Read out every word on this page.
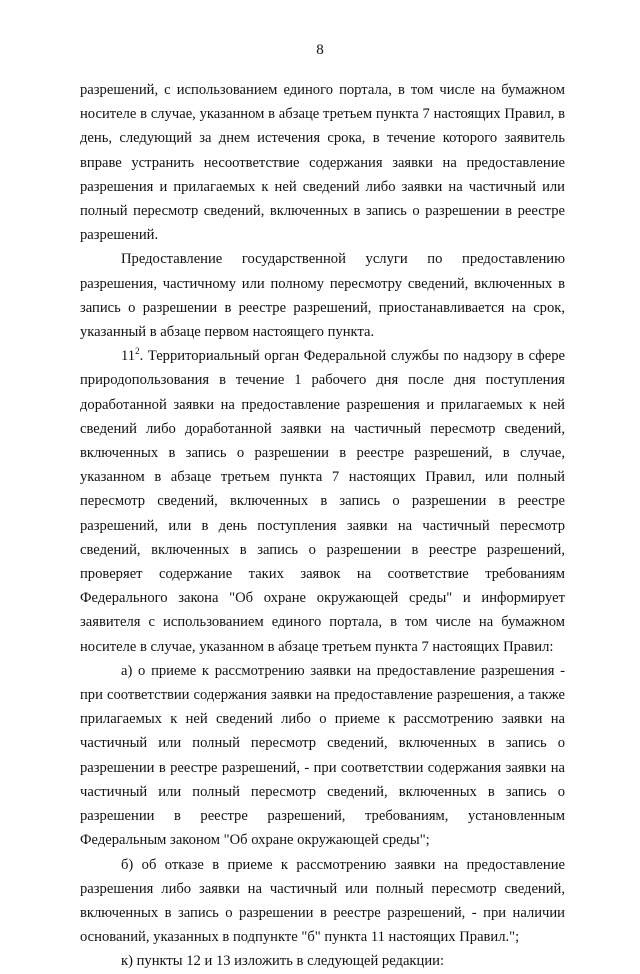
8

разрешений, с использованием единого портала, в том числе на бумажном носителе в случае, указанном в абзаце третьем пункта 7 настоящих Правил, в день, следующий за днем истечения срока, в течение которого заявитель вправе устранить несоответствие содержания заявки на предоставление разрешения и прилагаемых к ней сведений либо заявки на частичный или полный пересмотр сведений, включенных в запись о разрешении в реестре разрешений.

Предоставление государственной услуги по предоставлению разрешения, частичному или полному пересмотру сведений, включенных в запись о разрешении в реестре разрешений, приостанавливается на срок, указанный в абзаце первом настоящего пункта.

$11^2$. Территориальный орган Федеральной службы по надзору в сфере природопользования в течение 1 рабочего дня после дня поступления доработанной заявки на предоставление разрешения и прилагаемых к ней сведений либо доработанной заявки на частичный пересмотр сведений, включенных в запись о разрешении в реестре разрешений, в случае, указанном в абзаце третьем пункта 7 настоящих Правил, или полный пересмотр сведений, включенных в запись о разрешении в реестре разрешений, или в день поступления заявки на частичный пересмотр сведений, включенных в запись о разрешении в реестре разрешений, проверяет содержание таких заявок на соответствие требованиям Федерального закона "Об охране окружающей среды" и информирует заявителя с использованием единого портала, в том числе на бумажном носителе в случае, указанном в абзаце третьем пункта 7 настоящих Правил:

а) о приеме к рассмотрению заявки на предоставление разрешения - при соответствии содержания заявки на предоставление разрешения, а также прилагаемых к ней сведений либо о приеме к рассмотрению заявки на частичный или полный пересмотр сведений, включенных в запись о разрешении в реестре разрешений, - при соответствии содержания заявки на частичный или полный пересмотр сведений, включенных в запись о разрешении в реестре разрешений, требованиям, установленным Федеральным законом "Об охране окружающей среды";

б) об отказе в приеме к рассмотрению заявки на предоставление разрешения либо заявки на частичный или полный пересмотр сведений, включенных в запись о разрешении в реестре разрешений, - при наличии оснований, указанных в подпункте "б" пункта 11 настоящих Правил.";

к) пункты 12 и 13 изложить в следующей редакции:
